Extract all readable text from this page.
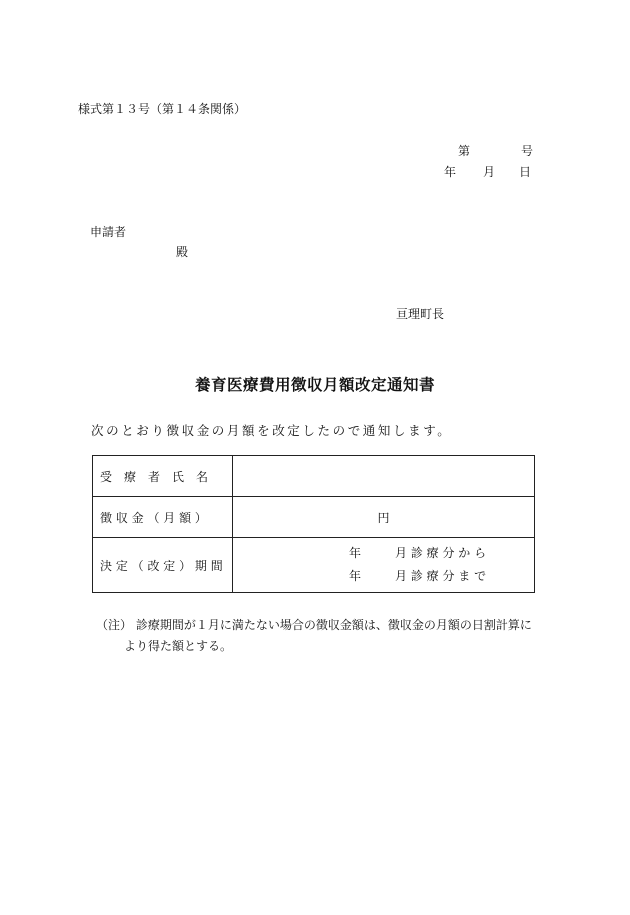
様式第１３号（第１４条関係）
第	号
年 月 日
申請者
殿
亘理町長
養育医療費用徴収月額改定通知書
次のとおり徴収金の月額を改定したので通知します。
受　療　者　氏　名	

徴 収 金 （ 月 額 ）	円

決 定 （ 改 定 ） 期 間	年 月 診 療 分 か ら
年 月 診 療 分 ま で
（注） 診療期間が１月に満たない場合の徴収金額は、徴収金の月額の日割計算に
より得た額とする。
